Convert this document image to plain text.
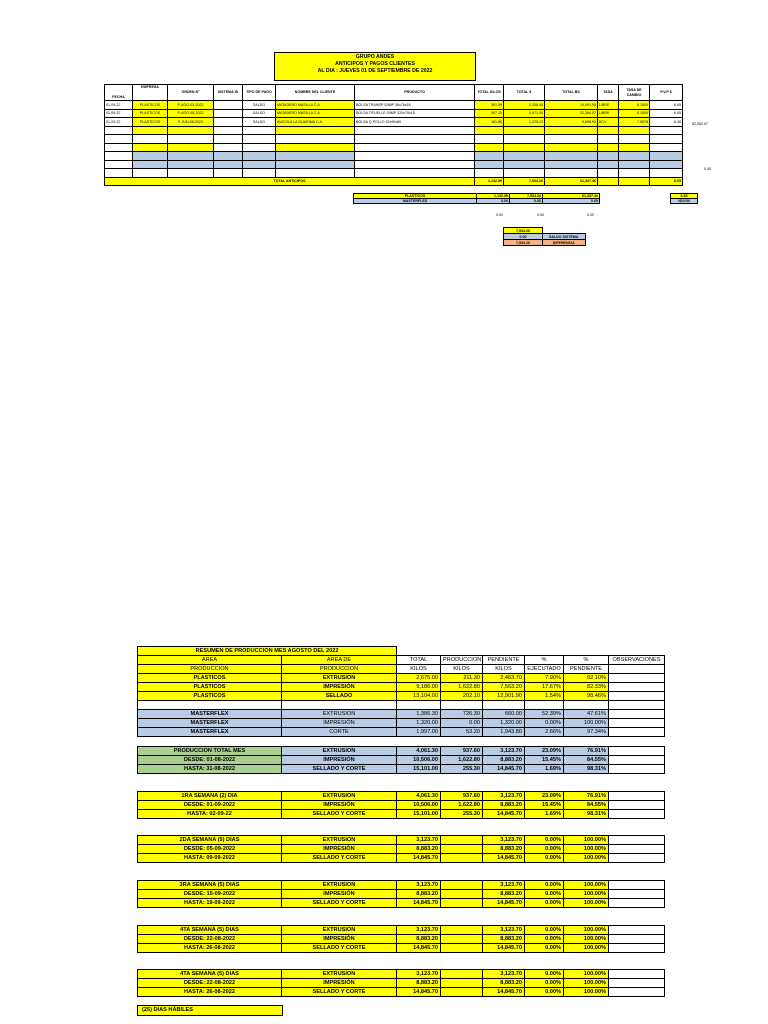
GRUPO ANDES
ANTICIPOS Y PAGOS CLIENTES
AL DIA : JUEVES 01 DE SEPTIEMBRE DE 2022
FECHA	EMPRESA	ORDEN Nº	SISTEMA ID	TIPO DE PAGO	NOMBRE DEL CLIENTE	PRODUCTO	TOTAL KILOS	TOTAL $	TOTAL BS	TASA	TASA DE CAMBIO	P.V.P $
01-09-22	PLASTICOS	P-AGO-03-2022		SALDO	MATADERO MASILLA C.A.	BOLSA TRANSP S/IMP 36x76x18	351.59	2,338.08	19,091.99	LIBRE	8.1500	6.65
01-09-22	PLASTICOS	P-AGO-05-2022		SALDO	MATADERO MASILLA C.A.	BOLSA T/FUELLE S/IMP 320x75x15	597.15	3,971.05	32,364.07	LIBRE	8.1500	6.65
01-09-22	PLASTICOS	P-JUN-08-2022		SALDO	AVICOLA LA GUARIMA C.A.	BOLSA Q POLLO 32x90x80	181.85	1,225.13	9,698.90	BCV	7.9078	6.48

TOTAL ANTICIPOS							1,132.59	7,534.26	61,337.46			6.65
82,062.07
0.00
PLASTICOS	1,132.59	7,534.26	61,337.46		6.65
MASTERFLEX	0.00	0.00	0.00		#DIV/0!
0.00	0.00	0.00
7,534.26	
0.00	SALDO SISTEMA
7,534.26	DIFERENCIA
RESUMEN DE PRODUCCION MES AGOSTO DEL 2022							
AREA	AREA DE	TOTAL	PRODUCCION	PENDIENTE	%	%	OBSERVACIONES
PRODUCCION	PRODUCCION	KILOS	KILOS	KILOS	EJECUTADO	PENDIENTE	
PLASTICOS	EXTRUSION	2,675.00	211.30	2,463.70	7.90%	92.10%	
PLASTICOS	IMPRESIÓN	9,186.00	1,622.80	7,563.20	17.67%	82.33%	
PLASTICOS	SELLADO	13,104.00	202.10	12,901.90	1.54%	98.46%	

MASTERFLEX	EXTRUSION	1,386.30	726.30	660.00	52.39%	47.61%	
MASTERFLEX	IMPRESIÓN	1,320.00	0.00	1,320.00	0.00%	100.00%	
MASTERFLEX	CORTE	1,997.00	53.20	1,943.80	2.66%	97.34%	
PRODUCCION TOTAL MES	EXTRUSION	4,061.30	937.60	3,123.70	23.09%	76.91%	
DESDE: 01-08-2022	IMPRESIÓN	10,506.00	1,622.80	8,883.20	15.45%	84.55%	
HASTA: 31-08-2022	SELLADO Y CORTE	15,101.00	255.30	14,845.70	1.69%	98.31%	
1RA SEMANA (2) DIA	EXTRUSION	4,061.30	937.60	3,123.70	23.09%	76.91%	
DESDE: 01-09-2022	IMPRESIÓN	10,506.00	1,622.80	8,883.20	15.45%	84.55%	
HASTA: 02-09-22	SELLADO Y CORTE	15,101.00	255.30	14,845.70	1.69%	98.31%	
2DA SEMANA (5) DIAS	EXTRUSION	3,123.70		3,123.70	0.00%	100.00%	
DESDE: 05-09-2022	IMPRESIÓN	8,883.20		8,883.20	0.00%	100.00%	
HASTA: 09-09-2022	SELLADO Y CORTE	14,845.70		14,845.70	0.00%	100.00%	
3RA SEMANA (5) DIAS	EXTRUSION	3,123.70		3,123.70	0.00%	100.00%	
DESDE: 15-09-2022	IMPRESIÓN	8,883.20		8,883.20	0.00%	100.00%	
HASTA: 19-09-2022	SELLADO Y CORTE	14,845.70		14,845.70	0.00%	100.00%	
4TA SEMANA (5) DIAS	EXTRUSION	3,123.70		3,123.70	0.00%	100.00%	
DESDE: 22-08-2022	IMPRESIÓN	8,883.20		8,883.20	0.00%	100.00%	
HASTA: 26-08-2022	SELLADO Y CORTE	14,845.70		14,845.70	0.00%	100.00%	
4TA SEMANA (5) DIAS	EXTRUSION	3,123.70		3,123.70	0.00%	100.00%	
DESDE: 22-08-2022	IMPRESIÓN	8,883.20		8,883.20	0.00%	100.00%	
HASTA: 26-08-2022	SELLADO Y CORTE	14,845.70		14,845.70	0.00%	100.00%	
(25) DIAS HÁBILES
